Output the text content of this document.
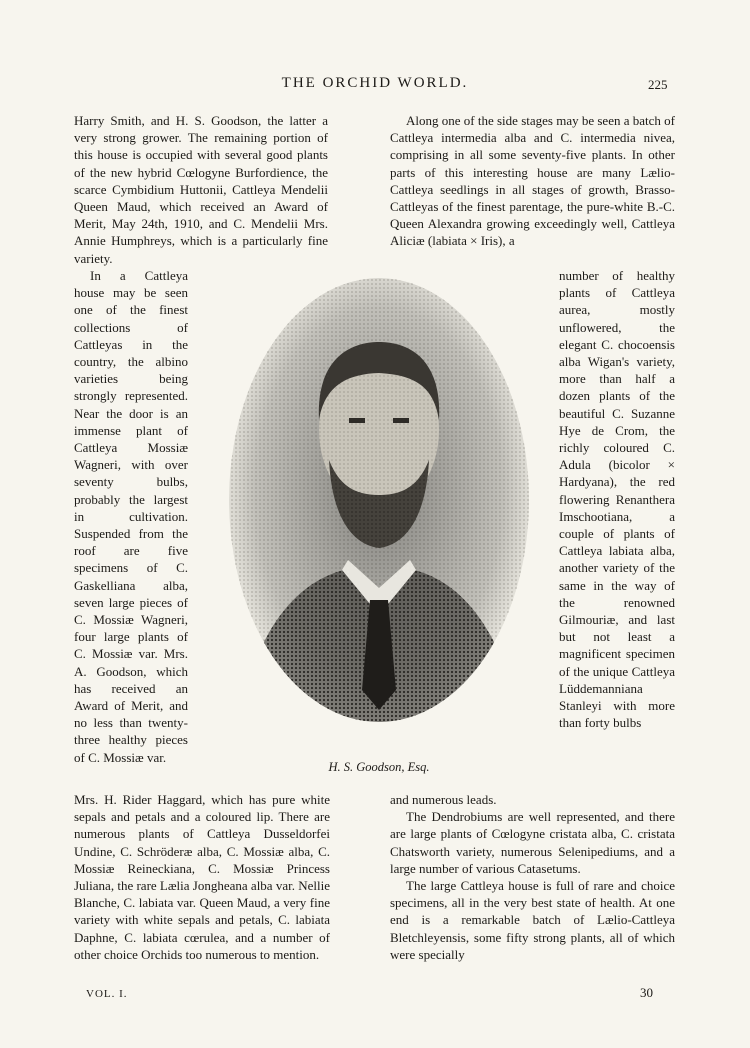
THE ORCHID WORLD.	225

Harry Smith, and H. S. Goodson, the latter a very strong grower. The remaining portion of this house is occupied with several good plants of the new hybrid Cœlogyne Burfordience, the scarce Cymbidium Huttonii, Cattleya Mendelii Queen Maud, which received an Award of Merit, May 24th, 1910, and C. Mendelii Mrs. Annie Humphreys, which is a particularly fine variety.

In a Cattleya house may be seen one of the finest collections of Cattleyas in the country, the albino varieties being strongly represented. Near the door is an immense plant of Cattleya Mossiæ Wagneri, with over seventy bulbs, probably the largest in cultivation. Suspended from the roof are five specimens of C. Gaskelliana alba, seven large pieces of C. Mossiæ Wagneri, four large plants of C. Mossiæ var. Mrs. A. Goodson, which has received an Award of Merit, and no less than twenty-three healthy pieces of C. Mossiæ var.

Mrs. H. Rider Haggard, which has pure white sepals and petals and a coloured lip. There are numerous plants of Cattleya Dusseldorfei Undine, C. Schröderæ alba, C. Mossiæ alba, C. Mossiæ Reineckiana, C. Mossiæ Princess Juliana, the rare Lælia Jongheana alba var. Nellie Blanche, C. labiata var. Queen Maud, a very fine variety with white sepals and petals, C. labiata Daphne, C. labiata cœrulea, and a number of other choice Orchids too numerous to mention.

Along one of the side stages may be seen a batch of Cattleya intermedia alba and C. intermedia nivea, comprising in all some seventy-five plants. In other parts of this interesting house are many Lælio-Cattleya seedlings in all stages of growth, Brasso-Cattleyas of the finest parentage, the pure-white B.-C. Queen Alexandra growing exceedingly well, Cattleya Aliciæ (labiata × Iris), a

number of healthy plants of Cattleya aurea, mostly unflowered, the elegant C. chocoensis alba Wigan's variety, more than half a dozen plants of the beautiful C. Suzanne Hye de Crom, the richly coloured C. Adula (bicolor × Hardyana), the red flowering Renanthera Imschootiana, a couple of plants of Cattleya labiata alba, another variety of the same in the way of the renowned Gilmouriæ, and last but not least a magnificent specimen of the unique Cattleya Lüddemanniana Stanleyi with more than forty bulbs

and numerous leads.

The Dendrobiums are well represented, and there are large plants of Cœlogyne cristata alba, C. cristata Chatsworth variety, numerous Selenipediums, and a large number of various Catasetums.

The large Cattleya house is full of rare and choice specimens, all in the very best state of health. At one end is a remarkable batch of Lælio-Cattleya Bletchleyensis, some fifty strong plants, all of which were specially

H. S. Goodson, Esq.
VOL. I.	30
